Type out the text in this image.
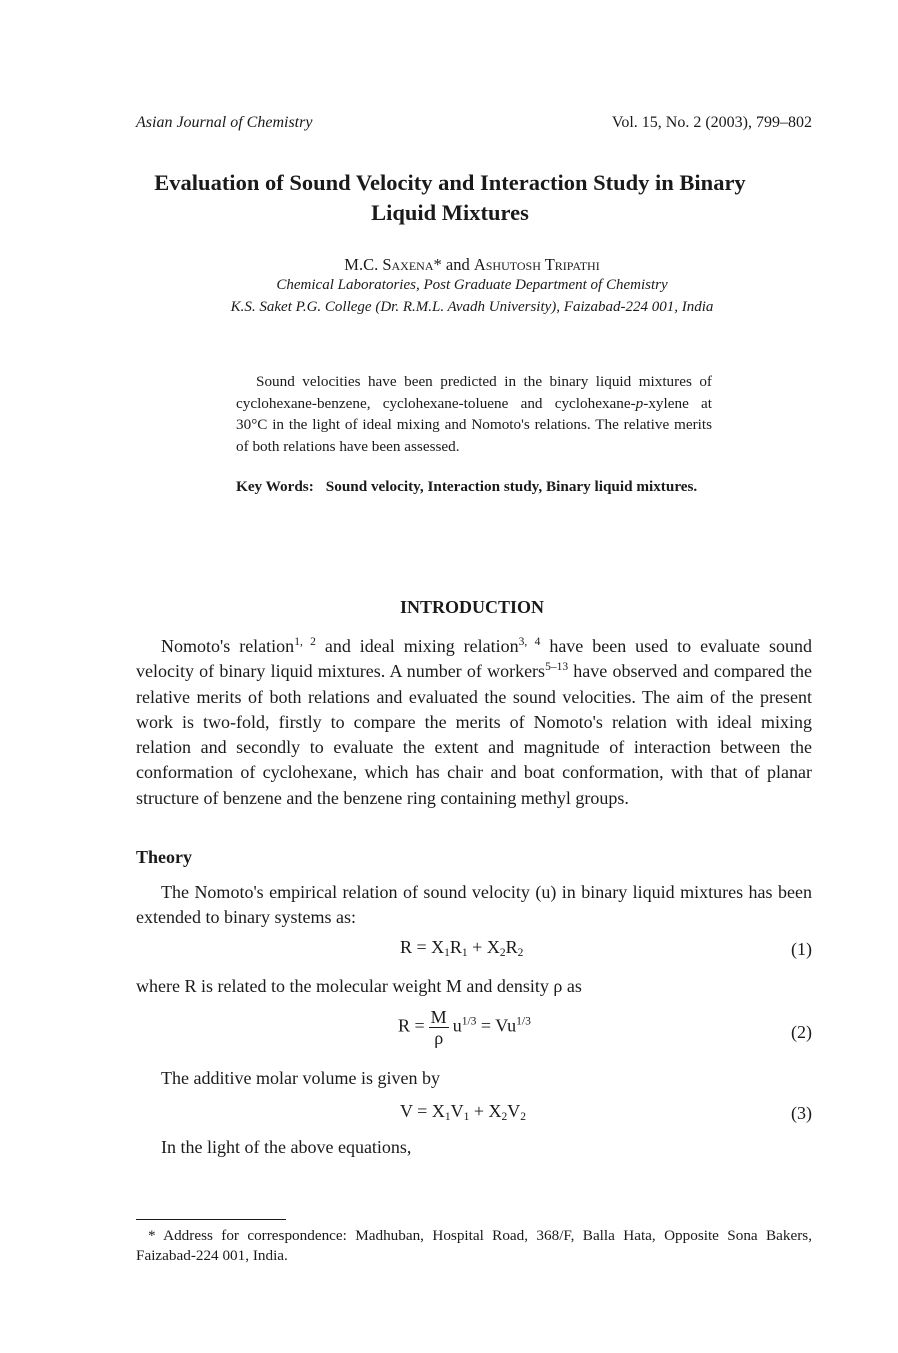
Asian Journal of Chemistry	Vol. 15, No. 2 (2003), 799–802
Evaluation of Sound Velocity and Interaction Study in Binary Liquid Mixtures
M.C. Saxena* and Ashutosh Tripathi
Chemical Laboratories, Post Graduate Department of Chemistry
K.S. Saket P.G. College (Dr. R.M.L. Avadh University), Faizabad-224 001, India

Sound velocities have been predicted in the binary liquid mixtures of cyclohexane-benzene, cyclohexane-toluene and cyclohexane-p-xylene at 30°C in the light of ideal mixing and Nomoto's relations. The relative merits of both relations have been assessed.

Key Words: Sound velocity, Interaction study, Binary liquid mixtures.

INTRODUCTION

Nomoto's relation$^{1, 2}$ and ideal mixing relation$^{3, 4}$ have been used to evaluate sound velocity of binary liquid mixtures. A number of workers$^{5-13}$ have observed and compared the relative merits of both relations and evaluated the sound velocities. The aim of the present work is two-fold, firstly to compare the merits of Nomoto's relation with ideal mixing relation and secondly to evaluate the extent and magnitude of interaction between the conformation of cyclohexane, which has chair and boat conformation, with that of planar structure of benzene and the benzene ring containing methyl groups.

Theory

The Nomoto's empirical relation of sound velocity (u) in binary liquid mixtures has been extended to binary systems as:

$R = X_1R_1 + X_2R_2$	(1)
where R is related to the molecular weight M and density ρ as
$R = \frac{M}{\rho} u^{1/3} = Vu^{1/3}$
(2)
The additive molar volume is given by
$V = X_1V_1 + X_2V_2$	(3)
In the light of the above equations,

* Address for correspondence: Madhuban, Hospital Road, 368/F, Balla Hata, Opposite Sona Bakers, Faizabad-224 001, India.
